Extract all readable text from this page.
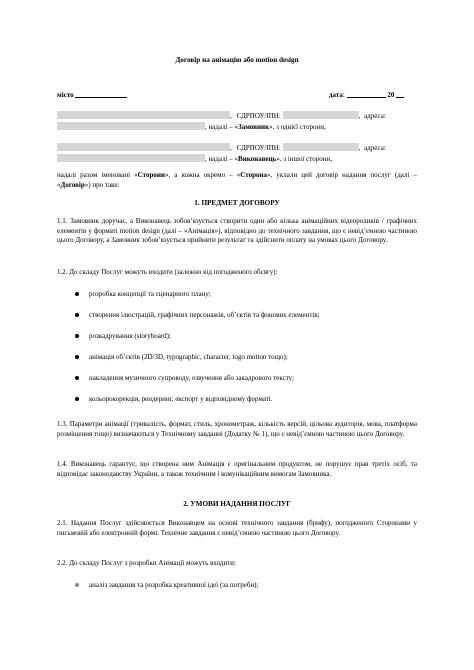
Договір на анімацію або motion design
місто	дата:	20
, ЄДРПОУ/ІПН:	, адреса:
, надалі – «Замовник», з однієї сторони,
, ЄДРПОУ/ІПН:	, адреса:
, надалі – «Виконавець», з іншої сторони,
надалі разом іменовані «Сторони», а кожна окремо – «Сторона», уклали цей договір надання послуг (далі – «Договір») про таке:
1. ПРЕДМЕТ ДОГОВОРУ
1.1. Замовник доручає, а Виконавець зобов’язується створити один або кілька анімаційних відеороликів / графічних елементів у форматі motion design (далі – «Анімація»), відповідно до технічного завдання, що є невід’ємною частиною цього Договору, а Замовник зобов’язується прийняти результат та здійснити оплату на умовах цього Договору.
1.2. До складу Послуг можуть входити (залежно від погодженого обсягу):
розробка концепції та сценарного плану;
створення ілюстрацій, графічних персонажів, об’єктів та фонових елементів;
розкадрування (storyboard);
анімація об’єктів (2D/3D, typographic, character, logo motion тощо);
накладення музичного супроводу, озвучення або закадрового тексту;
кольорокорекція, рендеринг, експорт у відповідному форматі.
1.3. Параметри анімації (тривалість, формат, стиль, хронометраж, кількість версій, цільова аудиторія, мова, платформа розміщення тощо) визначаються у Технічному завданні (Додатку № 1), що є невід’ємною частиною цього Договору.
1.4. Виконавець гарантує, що створена ним Анімація є оригінальним продуктом, не порушує прав третіх осіб, та відповідає законодавству України, а також технічним і комунікаційним вимогам Замовника.
2. УМОВИ НАДАННЯ ПОСЛУГ
2.1. Надання Послуг здійснюється Виконавцем на основі технічного завдання (брифу), погодженого Сторонами у письмовій або електронній формі. Технічне завдання є невід’ємною частиною цього Договору.
2.2. До складу Послуг з розробки Анімації можуть входити:
аналіз завдання та розробка креативної ідеї (за потреби);
